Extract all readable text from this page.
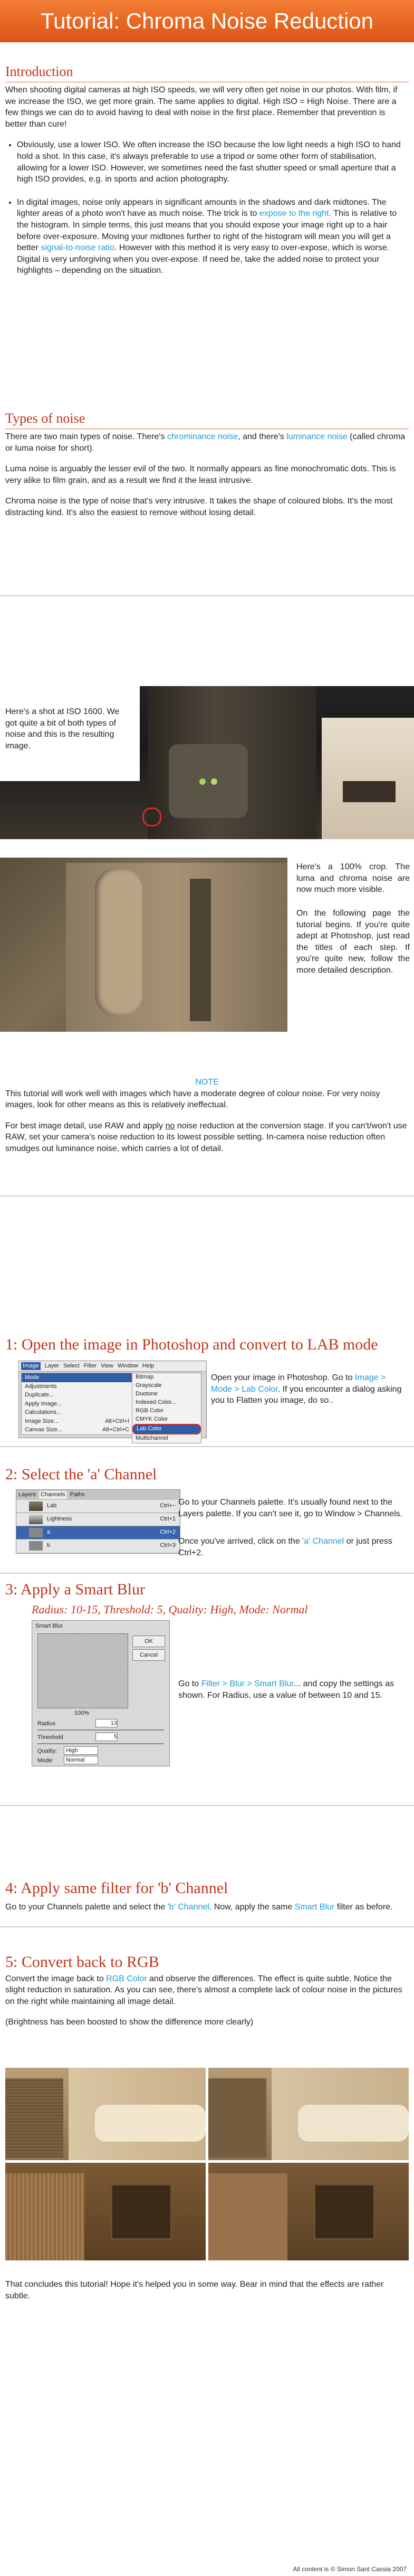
Tutorial: Chroma Noise Reduction
Introduction

When shooting digital cameras at high ISO speeds, we will very often get noise in our photos. With film, if we increase the ISO, we get more grain. The same applies to digital. High ISO = High Noise. There are a few things we can do to avoid having to deal with noise in the first place. Remember that prevention is better than cure!

• Obviously, use a lower ISO. We often increase the ISO because the low light needs a high ISO to hand hold a shot. In this case, it's always preferable to use a tripod or some other form of stabilisation, allowing for a lower ISO. However, we sometimes need the fast shutter speed or small aperture that a high ISO provides, e.g. in sports and action photography.
• In digital images, noise only appears in significant amounts in the shadows and dark midtones. The lighter areas of a photo won't have as much noise. The trick is to expose to the right. This is relative to the histogram. In simple terms, this just means that you should expose your image right up to a hair before over-exposure. Moving your midtones further to right of the histogram will mean you will get a better signal-to-noise ratio. However with this method it is very easy to over-expose, which is worse. Digital is very unforgiving when you over-expose. If need be, take the added noise to protect your highlights – depending on the situation.
Types of noise

There are two main types of noise. There's chrominance noise, and there's luminance noise (called chroma or luma noise for short).

Luma noise is arguably the lesser evil of the two. It normally appears as fine monochromatic dots. This is very alike to film grain, and as a result we find it the least intrusive.

Chroma noise is the type of noise that's very intrusive. It takes the shape of coloured blobs. It's the most distracting kind. It's also the easiest to remove without losing detail.

Here's a shot at ISO 1600. We got quite a bit of both types of noise and this is the resulting image.

Here's a 100% crop. The luma and chroma noise are now much more visible.

On the following page the tutorial begins. If you're quite adept at Photoshop, just read the titles of each step. If you're quite new, follow the more detailed description.

NOTE

This tutorial will work well with images which have a moderate degree of colour noise. For very noisy images, look for other means as this is relatively ineffectual.

For best image detail, use RAW and apply no noise reduction at the conversion stage. If you can't/won't use RAW, set your camera's noise reduction to its lowest possible setting. In-camera noise reduction often smudges out luminance noise, which carries a lot of detail.

1: Open the image in Photoshop and convert to LAB mode
Image Layer Select Filter View Window Help
Mode
Adjustments
Duplicate...
Apply Image...
Calculations...
Image Size...	Alt+Ctrl+I
Canvas Size...	Alt+Ctrl+C
Bitmap
Grayscale
Duotone
Indexed Color...
RGB Color
CMYK Color
Lab Color
Multichannel

Open your image in Photoshop. Go to Image > Mode > Lab Color. If you encounter a dialog asking you to Flatten you image, do so..

2: Select the 'a' Channel
Layers Channels Paths
Lab	Ctrl+~
Lightness	Ctrl+1
a	Ctrl+2
b	Ctrl+3

Go to your Channels palette. It's usually found next to the Layers palette. If you can't see it, go to Window > Channels.

Once you've arrived, click on the 'a' Channel or just press Ctrl+2.

3: Apply a Smart Blur

Radius: 10-15, Threshold: 5, Quality: High, Mode: Normal

Smart Blur
OK
Cancel
100%
Radius	13
Threshold	5
Quality:	High
Mode:	Normal

Go to Filter > Blur > Smart Blur... and copy the settings as shown. For Radius, use a value of between 10 and 15.

4: Apply same filter for 'b' Channel

Go to your Channels palette and select the 'b' Channel. Now, apply the same Smart Blur filter as before.

5: Convert back to RGB

Convert the image back to RGB Color and observe the differences. The effect is quite subtle. Notice the slight reduction in saturation. As you can see, there's almost a complete lack of colour noise in the pictures on the right while maintaining all image detail.

(Brightness has been boosted to show the difference more clearly)

That concludes this tutorial! Hope it's helped you in some way. Bear in mind that the effects are rather subtle.

All content is © Simon Sant Cassia 2007
